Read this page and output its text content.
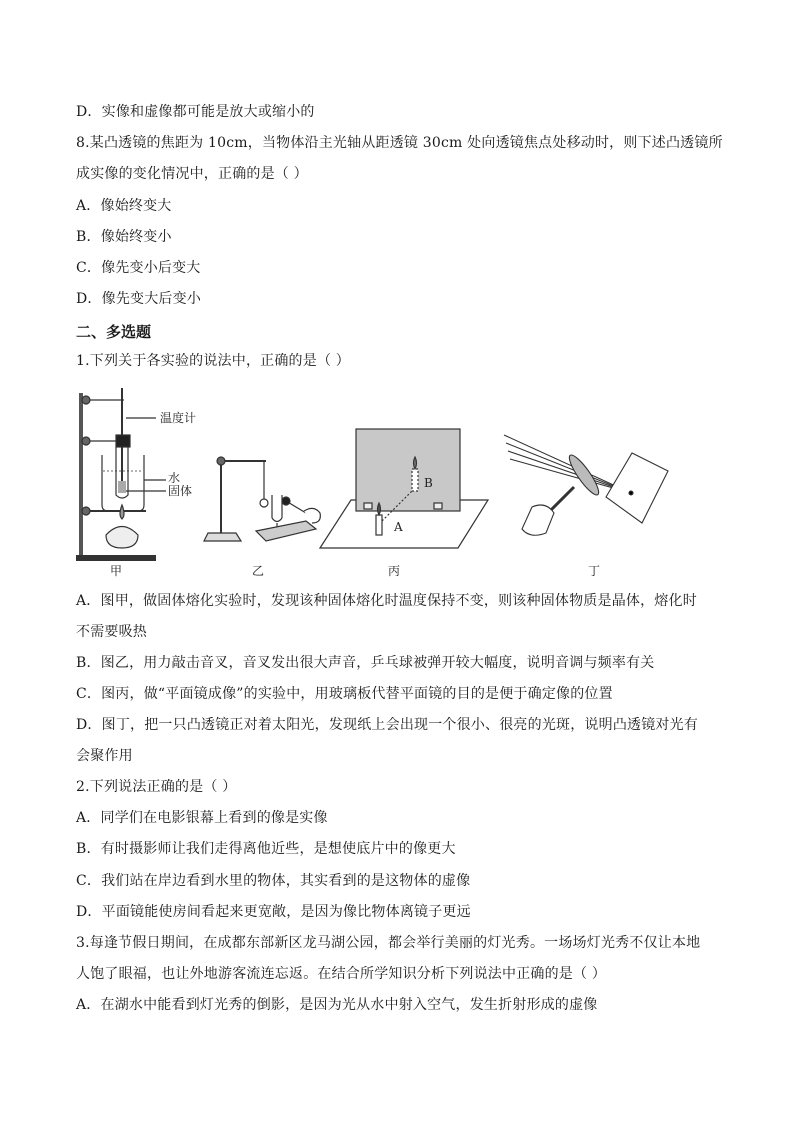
D．实像和虚像都可能是放大或缩小的
8.某凸透镜的焦距为 10cm，当物体沿主光轴从距透镜 30cm 处向透镜焦点处移动时，则下述凸透镜所
成实像的变化情况中，正确的是（ ）
A．像始终变大
B．像始终变小
C．像先变小后变大
D．像先变大后变小
二、多选题
1.下列关于各实验的说法中，正确的是（ ）
温度计
水
固体
A
B
甲	乙	丙	丁
A．图甲，做固体熔化实验时，发现该种固体熔化时温度保持不变，则该种固体物质是晶体，熔化时
不需要吸热
B．图乙，用力敲击音叉，音叉发出很大声音，乒乓球被弹开较大幅度，说明音调与频率有关
C．图丙，做“平面镜成像”的实验中，用玻璃板代替平面镜的目的是便于确定像的位置
D．图丁，把一只凸透镜正对着太阳光，发现纸上会出现一个很小、很亮的光斑，说明凸透镜对光有
会聚作用
2.下列说法正确的是（ ）
A．同学们在电影银幕上看到的像是实像
B．有时摄影师让我们走得离他近些，是想使底片中的像更大
C．我们站在岸边看到水里的物体，其实看到的是这物体的虚像
D．平面镜能使房间看起来更宽敞，是因为像比物体离镜子更远
3.每逢节假日期间，在成都东部新区龙马湖公园，都会举行美丽的灯光秀。一场场灯光秀不仅让本地
人饱了眼福，也让外地游客流连忘返。在结合所学知识分析下列说法中正确的是（ ）
A．在湖水中能看到灯光秀的倒影，是因为光从水中射入空气，发生折射形成的虚像
